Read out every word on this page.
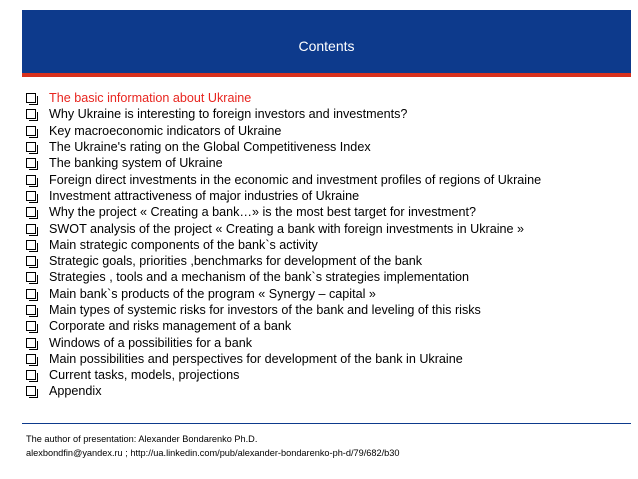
Contents
The basic information about Ukraine
Why Ukraine is interesting to foreign investors and investments?
Key macroeconomic indicators of Ukraine
The Ukraine's rating on the Global Competitiveness Index
The banking system of Ukraine
Foreign direct investments in the economic and investment profiles of regions of Ukraine
Investment attractiveness of major industries of Ukraine
Why the project « Creating a bank…» is the most best target for investment?
SWOT analysis of the project « Creating a bank with foreign investments in Ukraine »
Main strategic components of the bank`s activity
Strategic goals, priorities ,benchmarks for development of the bank
Strategies , tools and a mechanism of the bank`s strategies implementation
Main bank`s products of the program « Synergy – capital »
Main types of systemic risks for investors of the bank and leveling of this risks
Corporate and risks management of a bank
Windows of a possibilities for a bank
Main possibilities and perspectives for development of the bank in Ukraine
Current tasks, models, projections
Appendix
The author of presentation: Alexander Bondarenko Ph.D.
alexbondfin@yandex.ru ; http://ua.linkedin.com/pub/alexander-bondarenko-ph-d/79/682/b30
